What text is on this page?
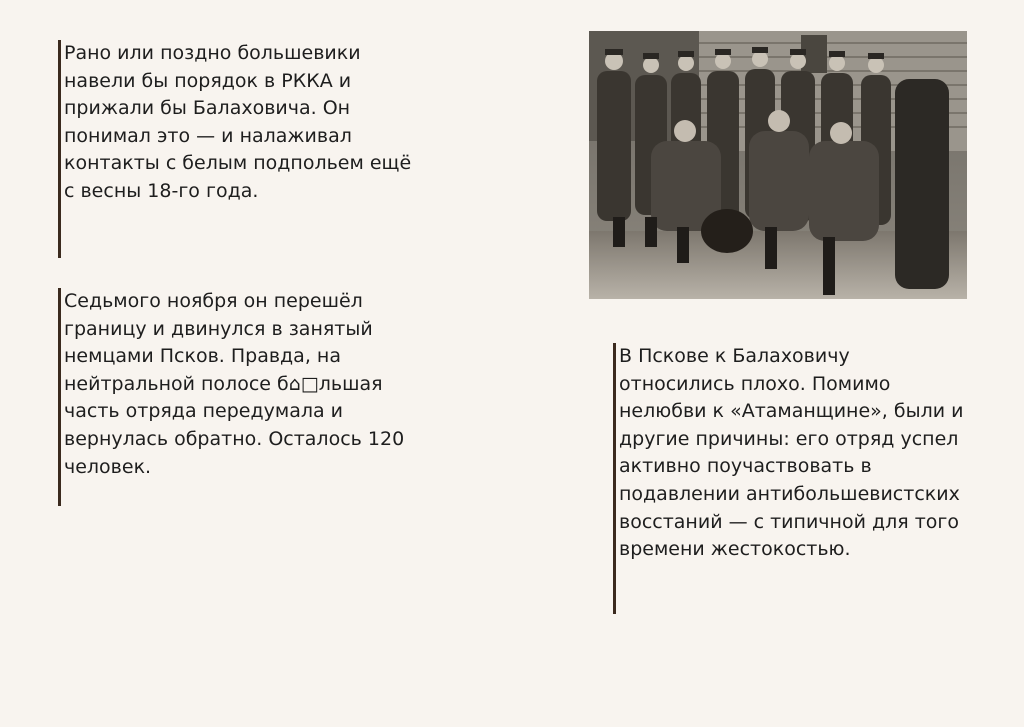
Рано или поздно большевики
навели бы порядок в РККА и
прижали бы Балаховича. Он
понимал это — и налаживал
контакты с белым подпольем ещё
с весны 18-го года.

Седьмого ноября он перешёл
границу и двинулся в занятый
немцами Псков. Правда, на
нейтральной полосе б⌂□льшая
часть отряда передумала и
вернулась обратно. Осталось 120
человек.

В Пскове к Балаховичу
относились плохо. Помимо
нелюбви к «Атаманщине», были и
другие причины: его отряд успел
активно поучаствовать в
подавлении антибольшевистских
восстаний — с типичной для того
времени жестокостью.
